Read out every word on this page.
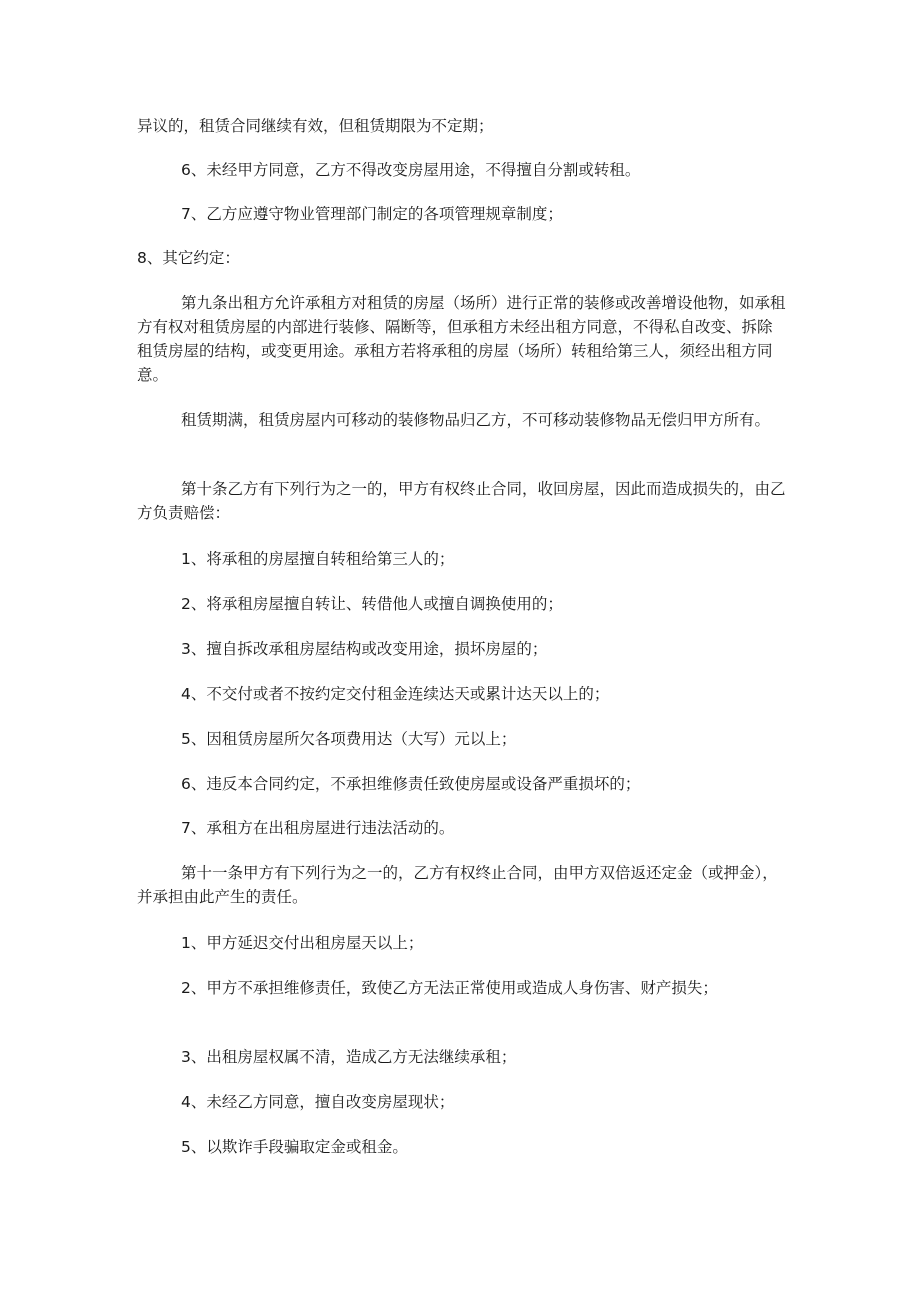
异议的，租赁合同继续有效，但租赁期限为不定期；

6、未经甲方同意，乙方不得改变房屋用途，不得擅自分割或转租。

7、乙方应遵守物业管理部门制定的各项管理规章制度；

8、其它约定：

第九条出租方允许承租方对租赁的房屋（场所）进行正常的装修或改善增设他物，如承租方有权对租赁房屋的内部进行装修、隔断等，但承租方未经出租方同意，不得私自改变、拆除租赁房屋的结构，或变更用途。承租方若将承租的房屋（场所）转租给第三人，须经出租方同意。

租赁期满，租赁房屋内可移动的装修物品归乙方，不可移动装修物品无偿归甲方所有。

第十条乙方有下列行为之一的，甲方有权终止合同，收回房屋，因此而造成损失的，由乙方负责赔偿：

1、将承租的房屋擅自转租给第三人的；

2、将承租房屋擅自转让、转借他人或擅自调换使用的；

3、擅自拆改承租房屋结构或改变用途，损坏房屋的；

4、不交付或者不按约定交付租金连续达天或累计达天以上的；

5、因租赁房屋所欠各项费用达（大写）元以上；

6、违反本合同约定，不承担维修责任致使房屋或设备严重损坏的；

7、承租方在出租房屋进行违法活动的。

第十一条甲方有下列行为之一的，乙方有权终止合同，由甲方双倍返还定金（或押金），并承担由此产生的责任。

1、甲方延迟交付出租房屋天以上；

2、甲方不承担维修责任，致使乙方无法正常使用或造成人身伤害、财产损失；

3、出租房屋权属不清，造成乙方无法继续承租；

4、未经乙方同意，擅自改变房屋现状；

5、以欺诈手段骗取定金或租金。
